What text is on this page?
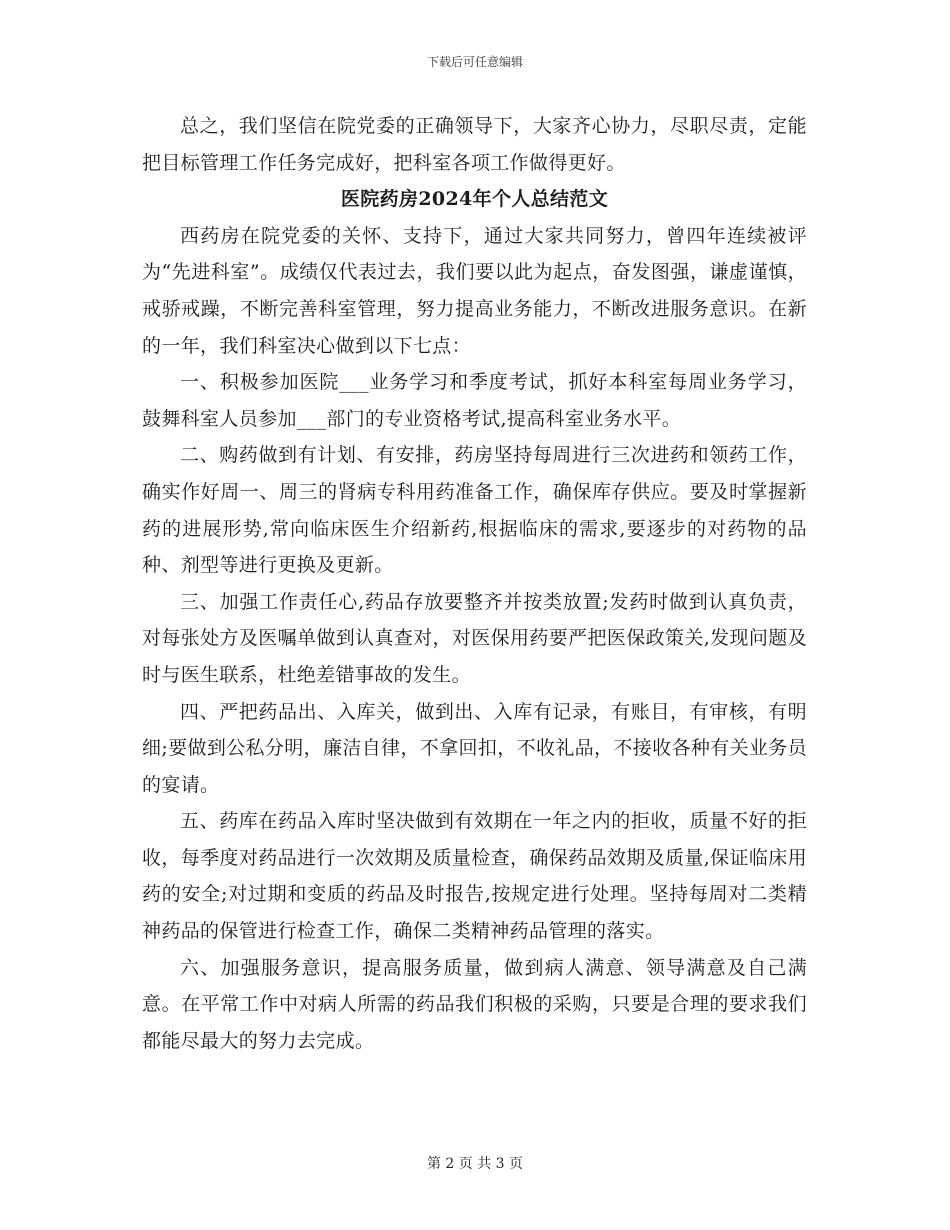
下载后可任意编辑

总之，我们坚信在院党委的正确领导下，大家齐心协力，尽职尽责，定能把目标管理工作任务完成好，把科室各项工作做得更好。

医院药房2024年个人总结范文

西药房在院党委的关怀、支持下，通过大家共同努力，曾四年连续被评为“先进科室”。成绩仅代表过去，我们要以此为起点，奋发图强，谦虚谨慎，戒骄戒躁，不断完善科室管理，努力提高业务能力，不断改进服务意识。在新的一年，我们科室决心做到以下七点：

一、积极参加医院___业务学习和季度考试，抓好本科室每周业务学习，鼓舞科室人员参加___部门的专业资格考试,提高科室业务水平。

二、购药做到有计划、有安排，药房坚持每周进行三次进药和领药工作，确实作好周一、周三的肾病专科用药准备工作，确保库存供应。要及时掌握新药的进展形势,常向临床医生介绍新药,根据临床的需求,要逐步的对药物的品种、剂型等进行更换及更新。

三、加强工作责任心,药品存放要整齐并按类放置;发药时做到认真负责，对每张处方及医嘱单做到认真查对，对医保用药要严把医保政策关,发现问题及时与医生联系，杜绝差错事故的发生。

四、严把药品出、入库关，做到出、入库有记录，有账目，有审核，有明细;要做到公私分明，廉洁自律，不拿回扣，不收礼品，不接收各种有关业务员的宴请。

五、药库在药品入库时坚决做到有效期在一年之内的拒收，质量不好的拒收，每季度对药品进行一次效期及质量检查，确保药品效期及质量,保证临床用药的安全;对过期和变质的药品及时报告,按规定进行处理。坚持每周对二类精神药品的保管进行检查工作，确保二类精神药品管理的落实。

六、加强服务意识，提高服务质量，做到病人满意、领导满意及自己满意。在平常工作中对病人所需的药品我们积极的采购，只要是合理的要求我们都能尽最大的努力去完成。

第 2 页 共 3 页
